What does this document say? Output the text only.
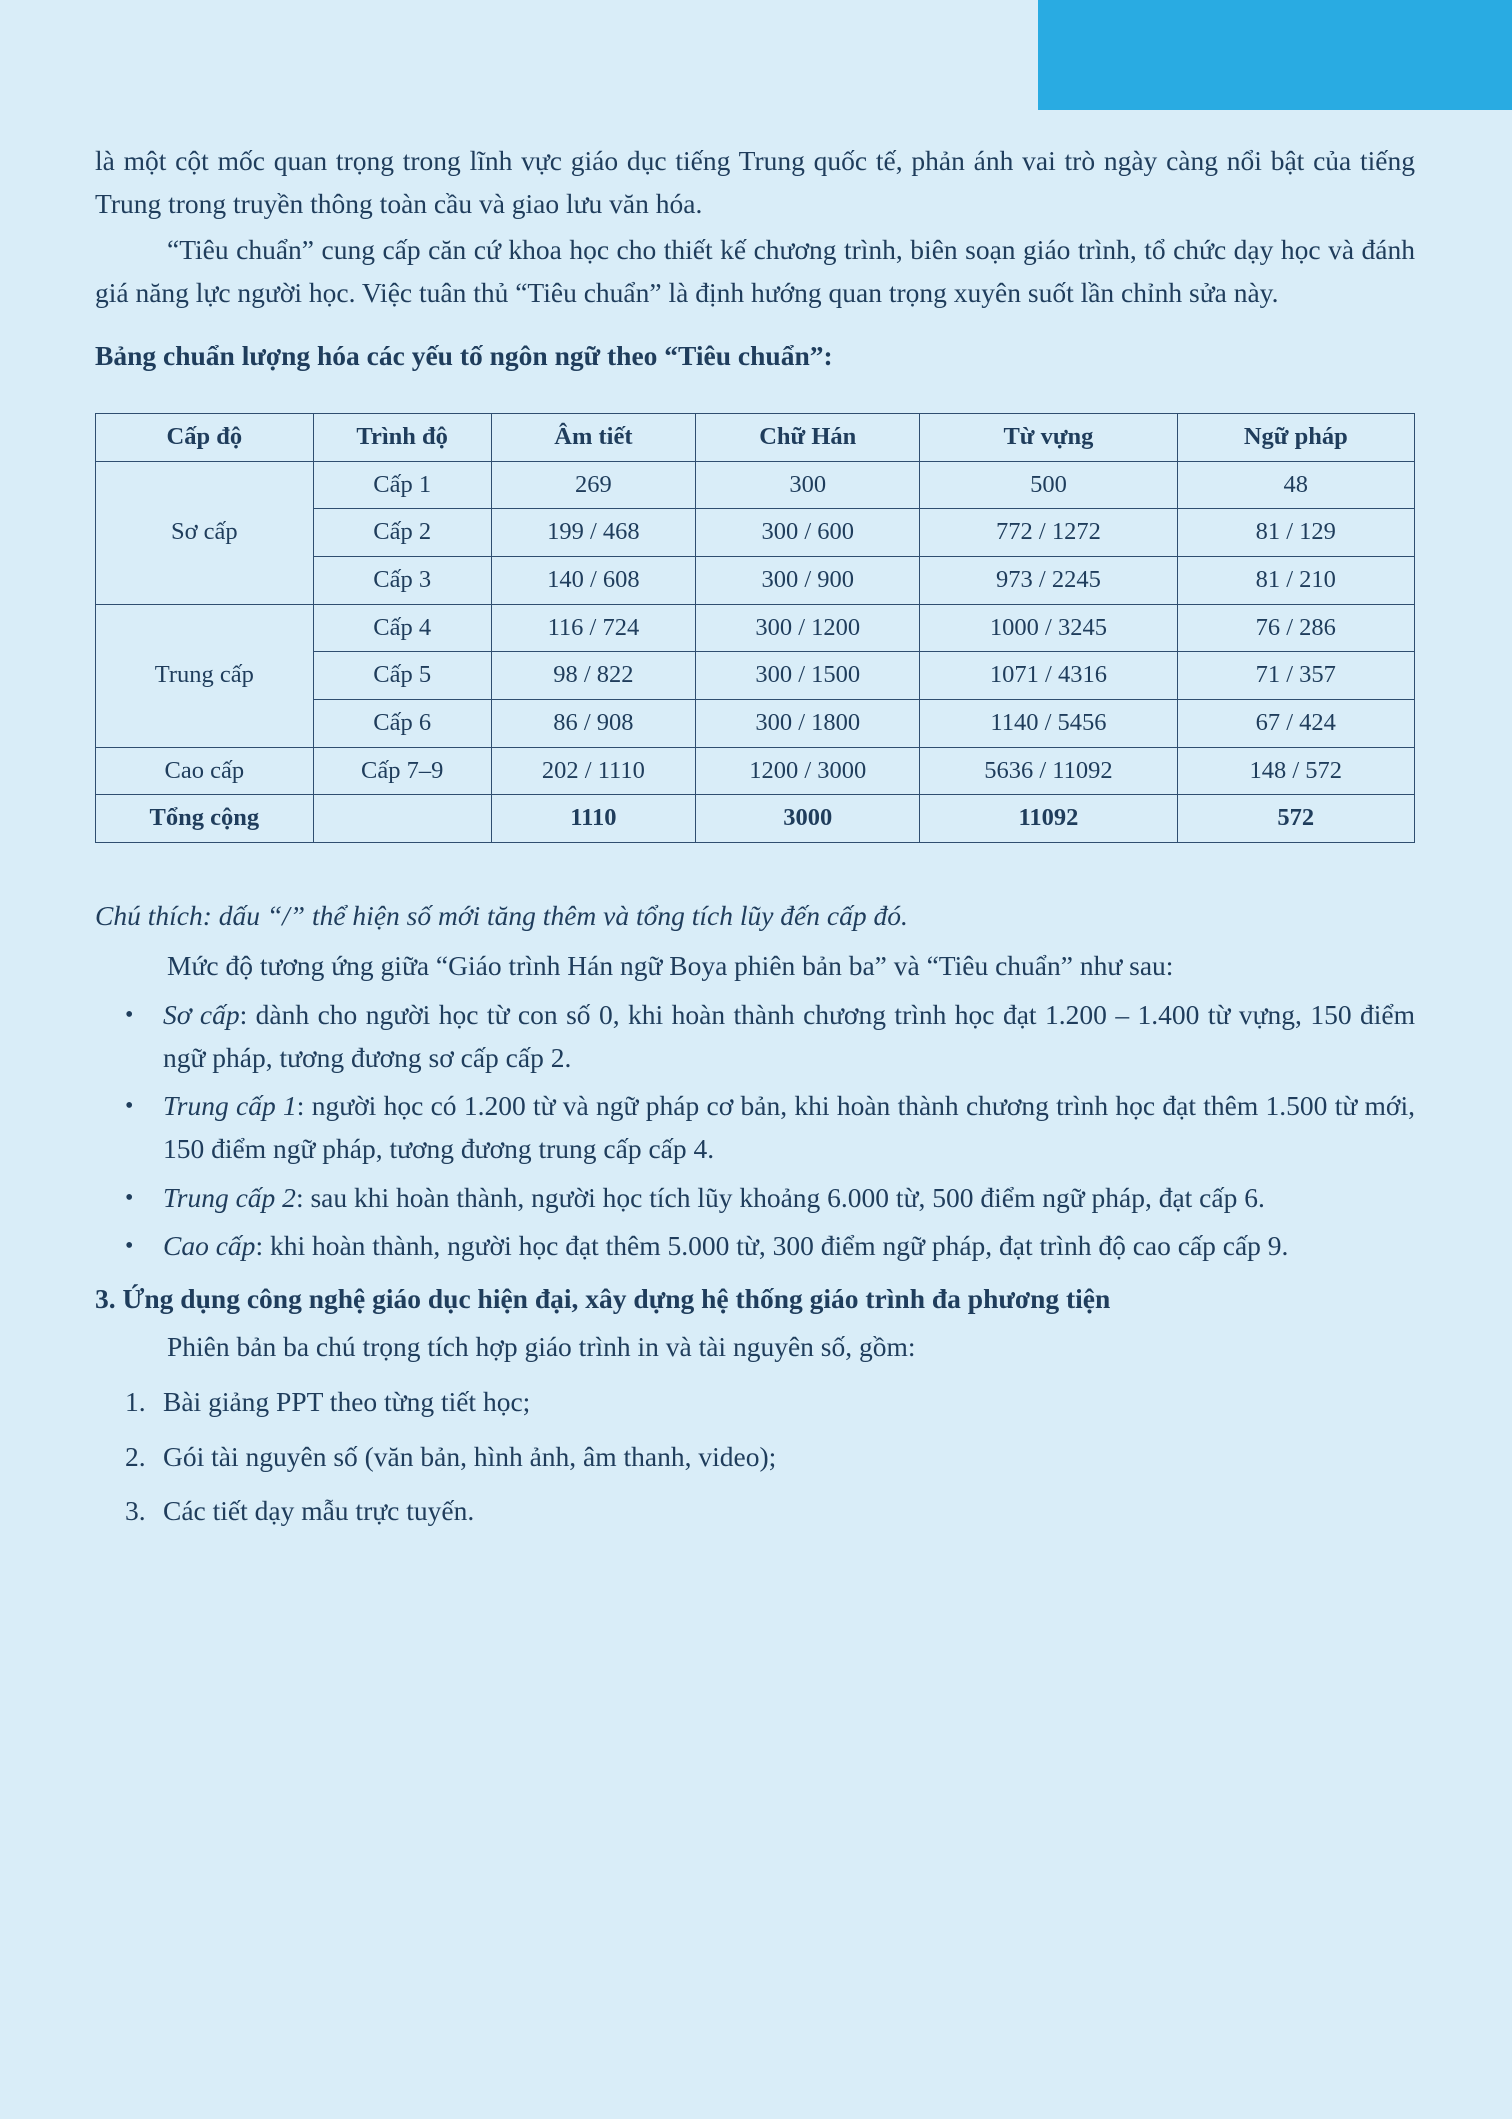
là một cột mốc quan trọng trong lĩnh vực giáo dục tiếng Trung quốc tế, phản ánh vai trò ngày càng nổi bật của tiếng Trung trong truyền thông toàn cầu và giao lưu văn hóa.

“Tiêu chuẩn” cung cấp căn cứ khoa học cho thiết kế chương trình, biên soạn giáo trình, tổ chức dạy học và đánh giá năng lực người học. Việc tuân thủ “Tiêu chuẩn” là định hướng quan trọng xuyên suốt lần chỉnh sửa này.

Bảng chuẩn lượng hóa các yếu tố ngôn ngữ theo “Tiêu chuẩn”:

Cấp độ	Trình độ	Âm tiết	Chữ Hán	Từ vựng	Ngữ pháp
Sơ cấp	Cấp 1	269	300	500	48
	Cấp 2	199 / 468	300 / 600	772 / 1272	81 / 129
	Cấp 3	140 / 608	300 / 900	973 / 2245	81 / 210
Trung cấp	Cấp 4	116 / 724	300 / 1200	1000 / 3245	76 / 286
	Cấp 5	98 / 822	300 / 1500	1071 / 4316	71 / 357
	Cấp 6	86 / 908	300 / 1800	1140 / 5456	67 / 424
Cao cấp	Cấp 7–9	202 / 1110	1200 / 3000	5636 / 11092	148 / 572
Tổng cộng		1110	3000	11092	572

Chú thích: dấu “/” thể hiện số mới tăng thêm và tổng tích lũy đến cấp đó.

Mức độ tương ứng giữa “Giáo trình Hán ngữ Boya phiên bản ba” và “Tiêu chuẩn” như sau:

• Sơ cấp: dành cho người học từ con số 0, khi hoàn thành chương trình học đạt 1.200 – 1.400 từ vựng, 150 điểm ngữ pháp, tương đương sơ cấp cấp 2.
• Trung cấp 1: người học có 1.200 từ và ngữ pháp cơ bản, khi hoàn thành chương trình học đạt thêm 1.500 từ mới, 150 điểm ngữ pháp, tương đương trung cấp cấp 4.
• Trung cấp 2: sau khi hoàn thành, người học tích lũy khoảng 6.000 từ, 500 điểm ngữ pháp, đạt cấp 6.
• Cao cấp: khi hoàn thành, người học đạt thêm 5.000 từ, 300 điểm ngữ pháp, đạt trình độ cao cấp cấp 9.

3. Ứng dụng công nghệ giáo dục hiện đại, xây dựng hệ thống giáo trình đa phương tiện

Phiên bản ba chú trọng tích hợp giáo trình in và tài nguyên số, gồm:

1. Bài giảng PPT theo từng tiết học;
2. Gói tài nguyên số (văn bản, hình ảnh, âm thanh, video);
3. Các tiết dạy mẫu trực tuyến.
